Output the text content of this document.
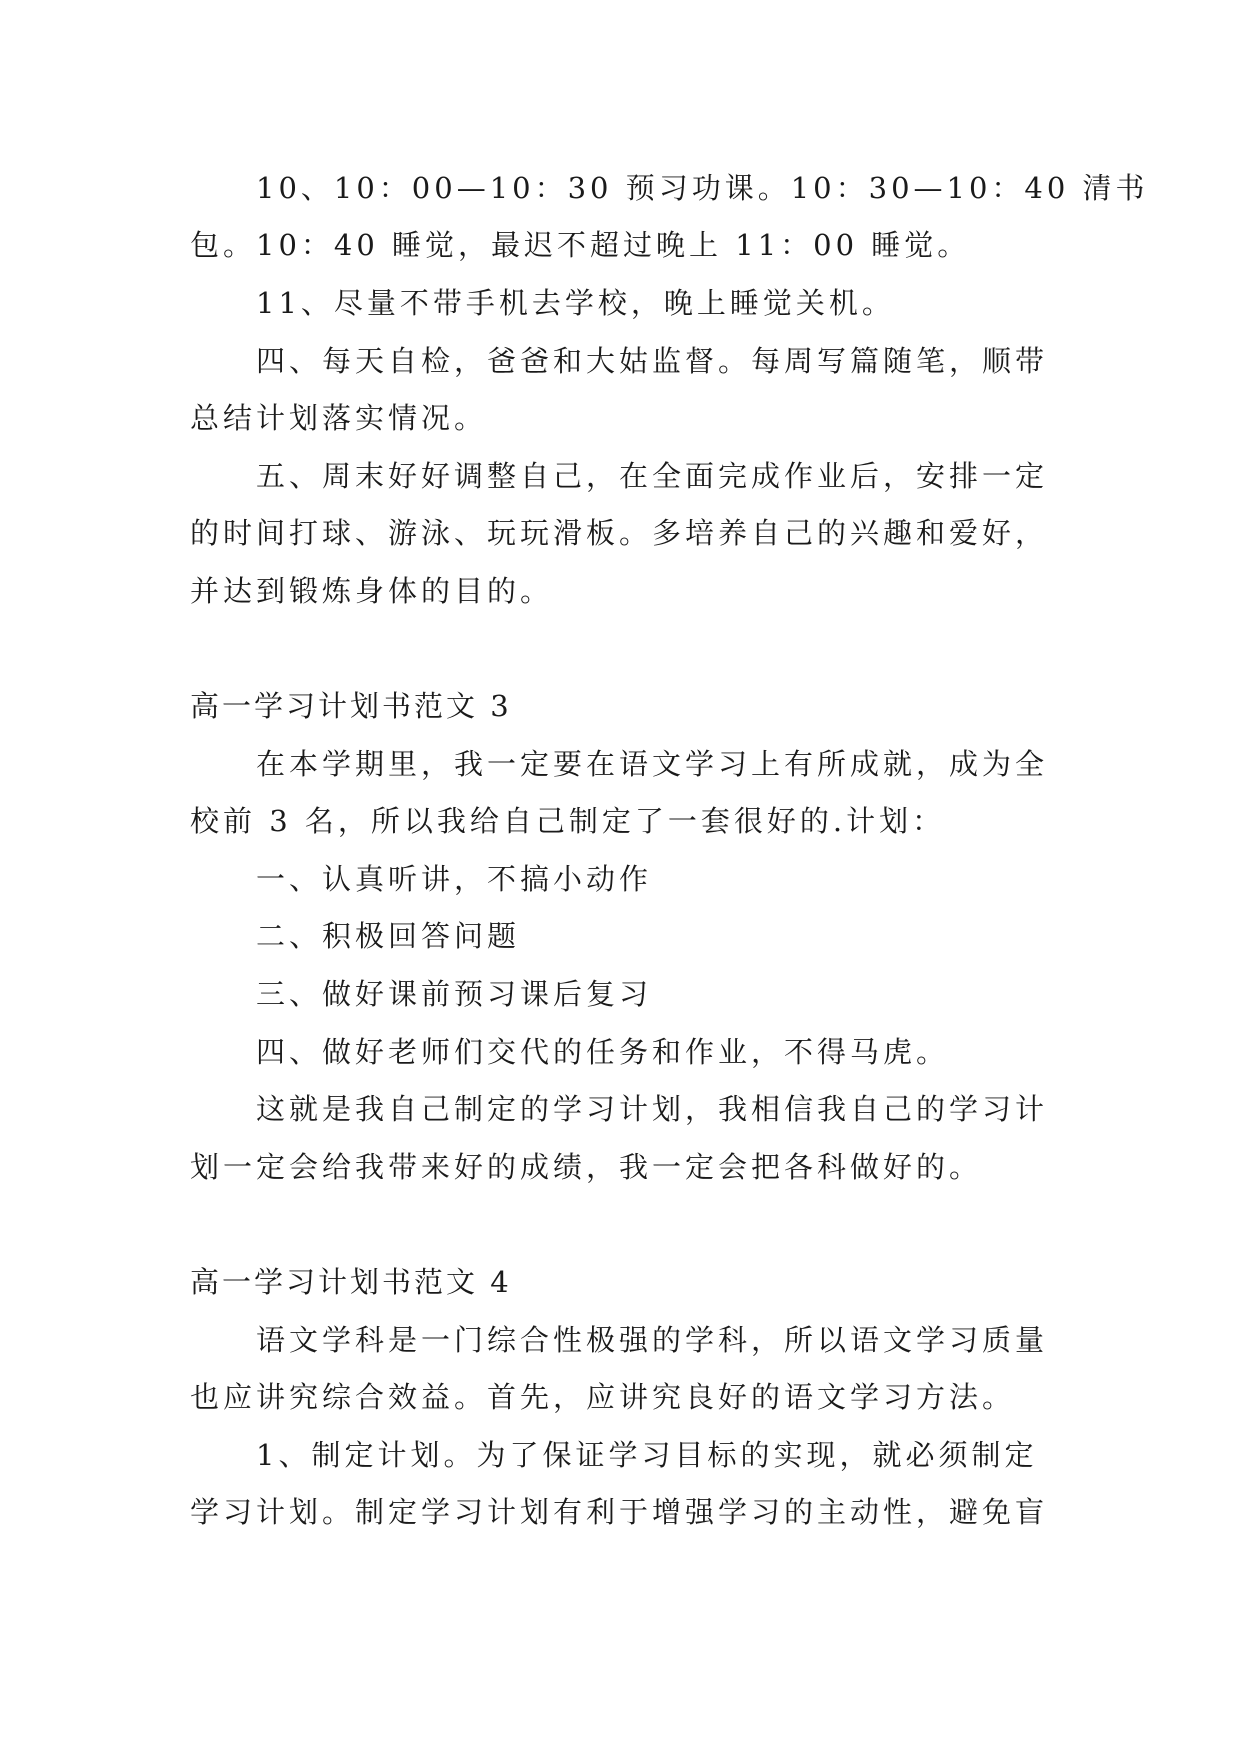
10、10：00—10：30 预习功课。10：30—10：40 清书
包。10：40 睡觉，最迟不超过晚上 11：00 睡觉。
11、尽量不带手机去学校，晚上睡觉关机。
四、每天自检，爸爸和大姑监督。每周写篇随笔，顺带
总结计划落实情况。
五、周末好好调整自己，在全面完成作业后，安排一定
的时间打球、游泳、玩玩滑板。多培养自己的兴趣和爱好，
并达到锻炼身体的目的。
高一学习计划书范文 3
在本学期里，我一定要在语文学习上有所成就，成为全
校前 3 名，所以我给自己制定了一套很好的.计划：
一、认真听讲，不搞小动作
二、积极回答问题
三、做好课前预习课后复习
四、做好老师们交代的任务和作业，不得马虎。
这就是我自己制定的学习计划，我相信我自己的学习计
划一定会给我带来好的成绩，我一定会把各科做好的。
高一学习计划书范文 4
语文学科是一门综合性极强的学科，所以语文学习质量
也应讲究综合效益。首先，应讲究良好的语文学习方法。
1、制定计划。为了保证学习目标的实现，就必须制定
学习计划。制定学习计划有利于增强学习的主动性，避免盲
